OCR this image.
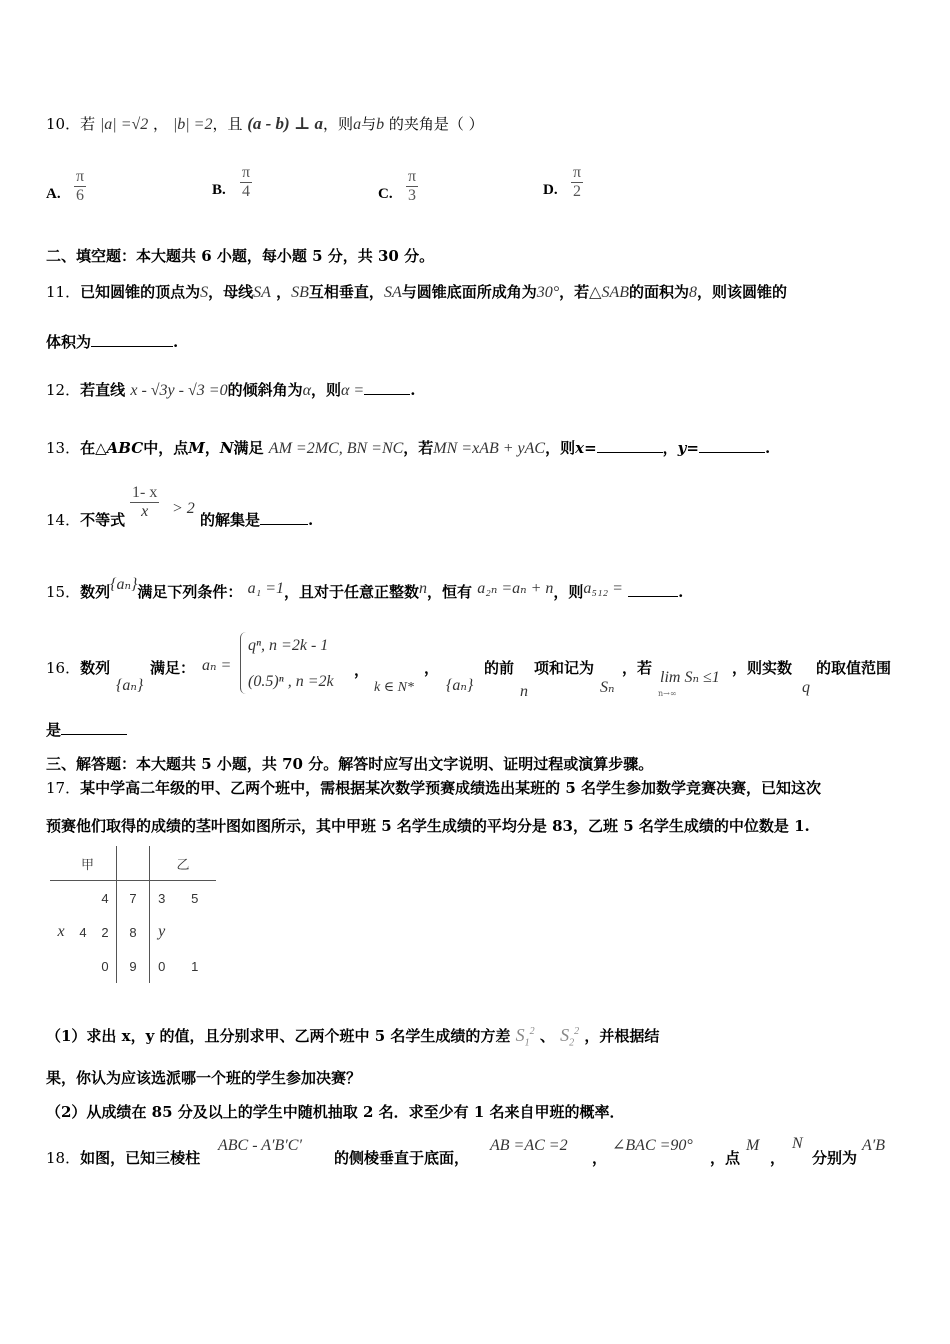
10．若 |a| =√2 ， |b| =2，且 (a - b) ⊥ a，则a与b 的夹角是（ ）
A. $\frac{\pi}{6}$	B. $\frac{\pi}{4}$	C. $\frac{\pi}{3}$	D. $\frac{\pi}{2}$
二、填空题：本大题共 6 小题，每小题 5 分，共 30 分。
11．已知圆锥的顶点为S，母线SA ，SB互相垂直，SA与圆锥底面所成角为30°，若△SAB的面积为8，则该圆锥的
体积为	.
12．若直线 x - √3y - √3 =0的倾斜角为α，则α =	.
13．在△ABC中，点M，N满足 AM =2MC, BN =NC，若MN =xAB + yAC，则x=	，y=	.
14．不等式 $\frac{1- x}{x} > 2$
的解集是	.
15．数列{aₙ}满足下列条件： a₁ =1，且对于任意正整数n，恒有 a₂ₙ =aₙ + n，则a₅₁₂ =	.
16．数列
{aₙ}
满足： aₙ =
qⁿ, n =2k - 1
(0.5)ⁿ , n =2k
，
k ∈ N*
，
{aₙ}
的前
n
项和记为
Sₙ
，若
lim Sₙ ≤1
n→∞
，则实数
q
的取值范围
是
三、解答题：本大题共 5 小题，共 70 分。解答时应写出文字说明、证明过程或演算步骤。
17．某中学高二年级的甲、乙两个班中，需根据某次数学预赛成绩选出某班的 5 名学生参加数学竞赛决赛，已知这次
预赛他们取得的成绩的茎叶图如图所示，其中甲班 5 名学生成绩的平均分是 83，乙班 5 名学生成绩的中位数是 1.
甲				乙	
		4	7	3	5
x	4	2	8	y	
		0	9	0	1
（1）求出 x，y 的值，且分别求甲、乙两个班中 5 名学生成绩的方差 $S_1^2$ 、 $S_2^2$ ，并根据结
果，你认为应该选派哪一个班的学生参加决赛？
（2）从成绩在 85 分及以上的学生中随机抽取 2 名．求至少有 1 名来自甲班的概率．
18．如图，已知三棱柱
ABC - A′B′C′
的侧棱垂直于底面，
AB =AC =2
，
∠BAC =90°
，点
M
，
N
分别为
A′B
